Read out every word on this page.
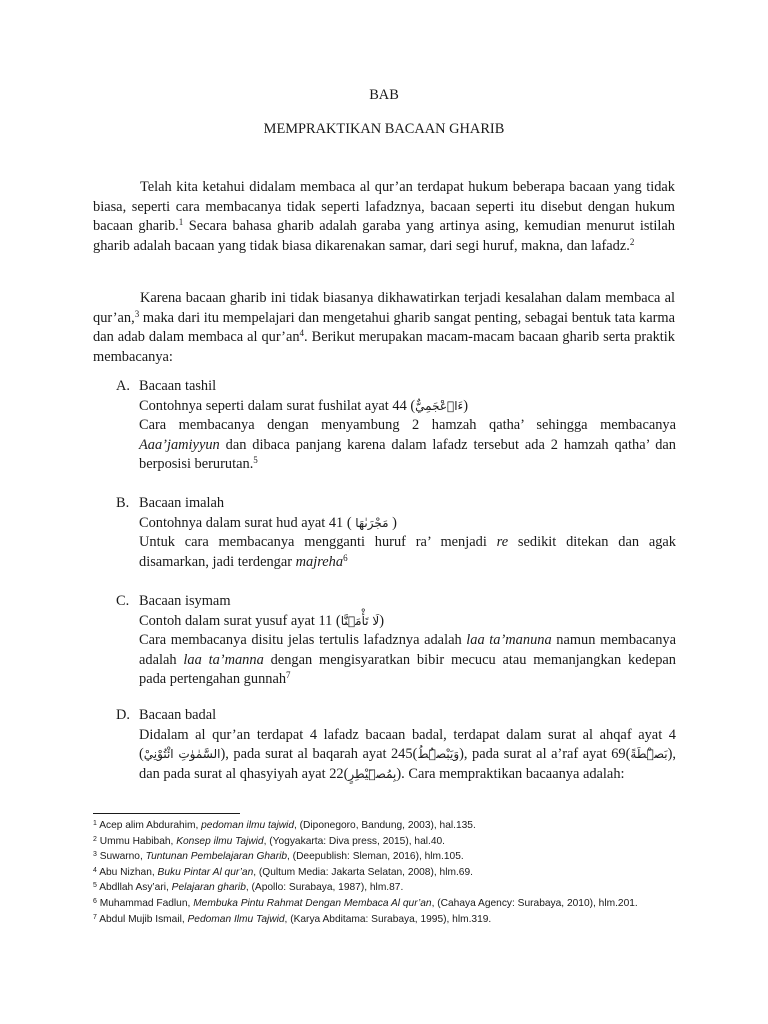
BAB
MEMPRAKTIKAN BACAAN GHARIB
Telah kita ketahui didalam membaca al qur’an terdapat hukum beberapa bacaan yang tidak biasa, seperti cara membacanya tidak seperti lafadznya, bacaan seperti itu disebut dengan hukum bacaan gharib.$^1$ Secara bahasa gharib adalah garaba yang artinya asing, kemudian menurut istilah gharib adalah bacaan yang tidak biasa dikarenakan samar, dari segi huruf, makna, dan lafadz.$^2$
Karena bacaan gharib ini tidak biasanya dikhawatirkan terjadi kesalahan dalam membaca al qur’an,$^3$ maka dari itu mempelajari dan mengetahui gharib sangat penting, sebagai bentuk tata karma dan adab dalam membaca al $qur’an^4$. Berikut merupakan macam-macam bacaan gharib serta praktik membacanya:
A. Bacaan tashil

Contohnya seperti dalam surat fushilat ayat 44 (ءَا۬عْجَمِيٌّ)

Cara membacanya dengan menyambung 2 hamzah qatha’ sehingga membacanya Aaa’jamiyyun dan dibaca panjang karena dalam lafadz tersebut ada 2 hamzah qatha’ dan berposisi berurutan.$^5$

B. Bacaan imalah

Contohnya dalam surat hud ayat 41 ( مَجْرَىٰهَا )

Untuk cara membacanya mengganti huruf ra’ menjadi re sedikit ditekan dan agak disamarkan, jadi terdengar majreha$^6$

C. Bacaan isymam

Contoh dalam surat yusuf ayat 11 (لَا تَأْمَ۫نَّا)

Cara membacanya disitu jelas tertulis lafadznya adalah laa ta’manuna namun membacanya adalah laa ta’manna dengan mengisyaratkan bibir mecucu atau memanjangkan kedepan pada pertengahan gunnah$^7$

D. Bacaan badal

Didalam al qur’an terdapat 4 lafadz bacaan badal, terdapat dalam surat al ahqaf ayat 4 (السَّمٰوٰتِ ائْتُوْنِيْ), pada surat al baqarah ayat 245(وَيَبْصُۜطُ), pada surat al a’raf ayat 69(بَصْۜطَةً), dan pada surat al qhasyiyah ayat 22(بِمُصَۜيْطِرٍ). Cara mempraktikan bacaanya adalah:

$^1$ Acep alim Abdurahim, pedoman ilmu tajwid, (Diponegoro, Bandung, 2003), hal.135.

$^2$ Ummu Habibah, Konsep ilmu Tajwid, (Yogyakarta: Diva press, 2015), hal.40.

$^3$ Suwarno, Tuntunan Pembelajaran Gharib, (Deepublish: Sleman, 2016), hlm.105.

$^4$ Abu Nizhan, Buku Pintar Al qur’an, (Qultum Media: Jakarta Selatan, 2008), hlm.69.

$^5$ Abdllah Asy’ari, Pelajaran gharib, (Apollo: Surabaya, 1987), hlm.87.

$^6$ Muhammad Fadlun, Membuka Pintu Rahmat Dengan Membaca Al qur’an, (Cahaya Agency: Surabaya, 2010), hlm.201.

$^7$ Abdul Mujib Ismail, Pedoman Ilmu Tajwid, (Karya Abditama: Surabaya, 1995), hlm.319.
